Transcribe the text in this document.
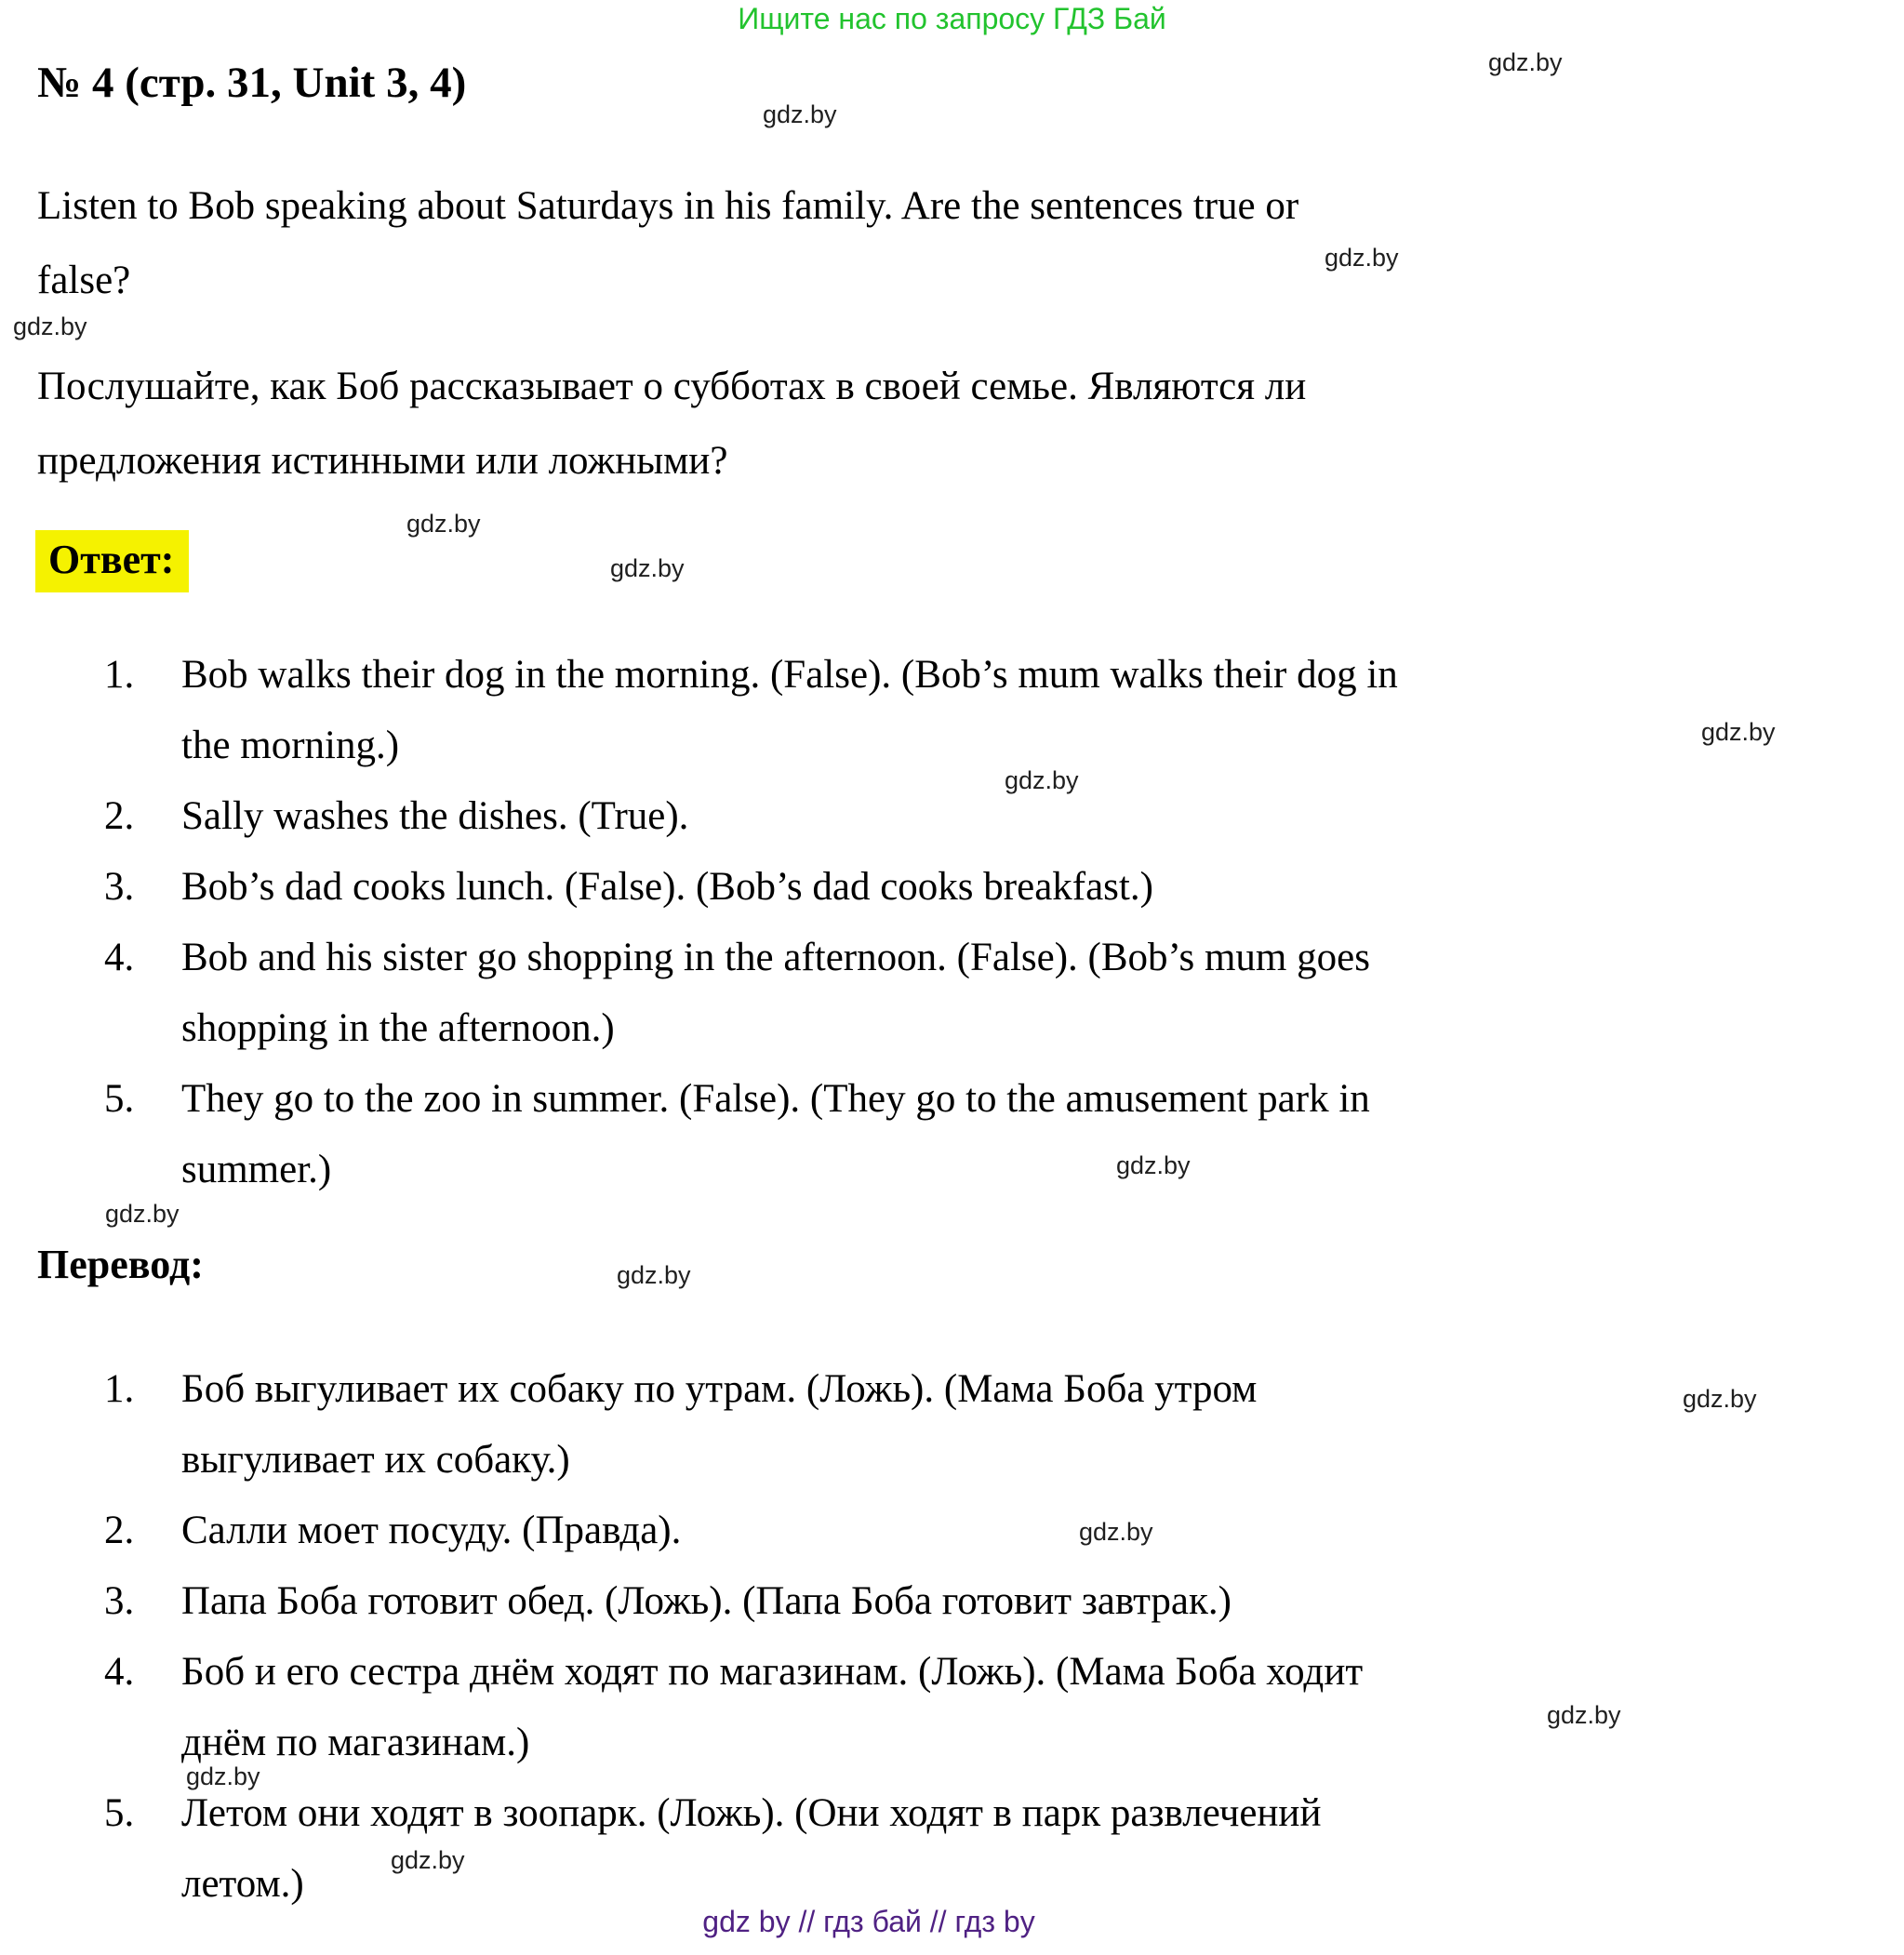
Ищите нас по запросу ГДЗ Бай
gdz.by
gdz.by
gdz.by
gdz.by
gdz.by
gdz.by
gdz.by
gdz.by
gdz.by
gdz.by
gdz.by
gdz.by
gdz.by
gdz.by
gdz.by
gdz.by
№ 4 (стр. 31, Unit 3, 4)
Listen to Bob speaking about Saturdays in his family. Are the sentences true or
false?
Послушайте, как Боб рассказывает о субботах в своей семье. Являются ли
предложения истинными или ложными?
Ответ:
1.	Bob walks their dog in the morning. (False). (Bob’s mum walks their dog in
the morning.)
2.	Sally washes the dishes. (True).
3.	Bob’s dad cooks lunch. (False). (Bob’s dad cooks breakfast.)
4.	Bob and his sister go shopping in the afternoon. (False). (Bob’s mum goes
shopping in the afternoon.)
5.	They go to the zoo in summer. (False). (They go to the amusement park in
summer.)
Перевод:
1.	Боб выгуливает их собаку по утрам. (Ложь). (Мама Боба утром
выгуливает их собаку.)
2.	Салли моет посуду. (Правда).
3.	Папа Боба готовит обед. (Ложь). (Папа Боба готовит завтрак.)
4.	Боб и его сестра днём ходят по магазинам. (Ложь). (Мама Боба ходит
днём по магазинам.)
5.	Летом они ходят в зоопарк. (Ложь). (Они ходят в парк развлечений
летом.)
gdz by // гдз бай // гдз by
